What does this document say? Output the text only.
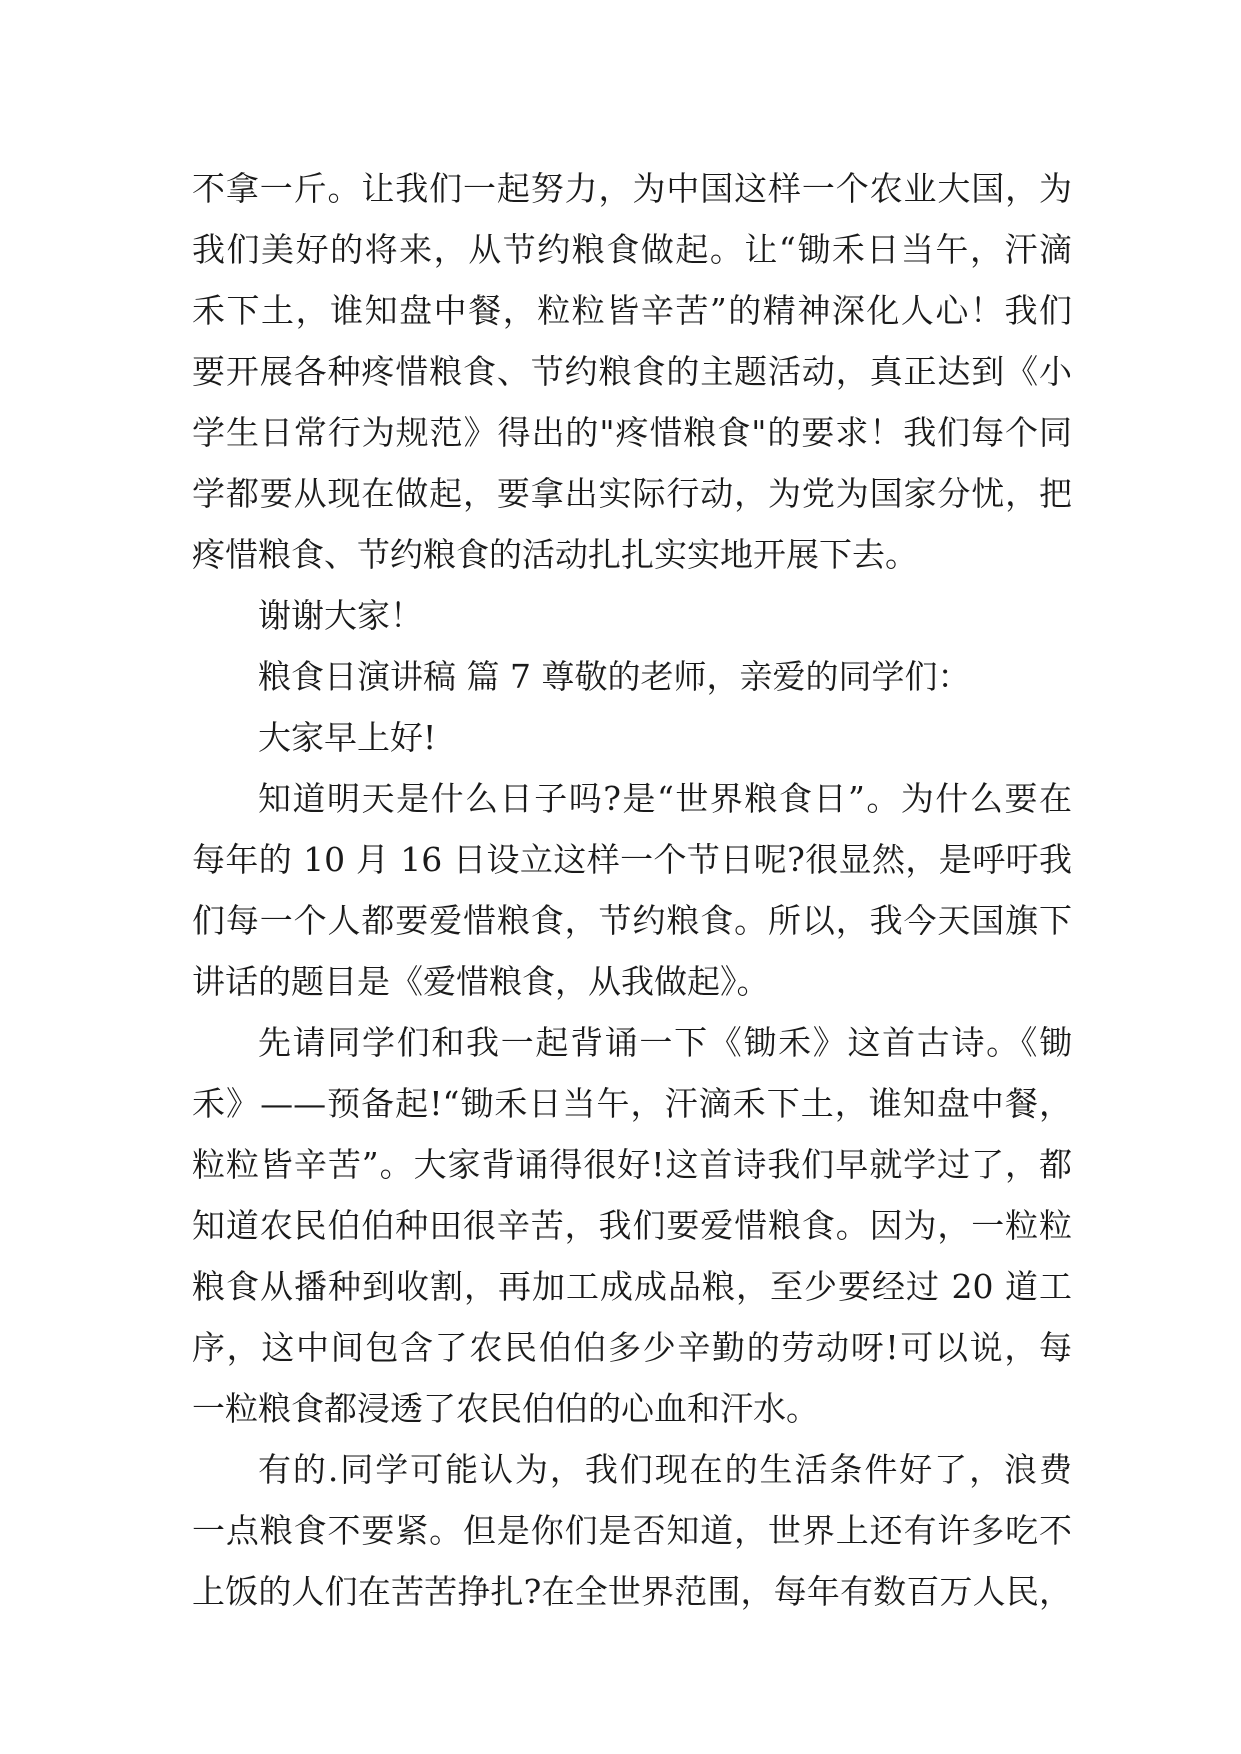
不拿一斤。让我们一起努力，为中国这样一个农业大国，为
我们美好的将来，从节约粮食做起。让“锄禾日当午，汗滴
禾下土，谁知盘中餐，粒粒皆辛苦”的精神深化人心！我们
要开展各种疼惜粮食、节约粮食的主题活动，真正达到《小
学生日常行为规范》得出的"疼惜粮食"的要求！我们每个同
学都要从现在做起，要拿出实际行动，为党为国家分忧，把
疼惜粮食、节约粮食的活动扎扎实实地开展下去。
谢谢大家！
粮食日演讲稿 篇 7 尊敬的老师，亲爱的同学们：
大家早上好!
知道明天是什么日子吗?是“世界粮食日”。为什么要在
每年的 10 月 16 日设立这样一个节日呢?很显然，是呼吁我
们每一个人都要爱惜粮食，节约粮食。所以，我今天国旗下
讲话的题目是《爱惜粮食，从我做起》。
先请同学们和我一起背诵一下《锄禾》这首古诗。《锄
禾》——预备起!“锄禾日当午，汗滴禾下土，谁知盘中餐，
粒粒皆辛苦”。大家背诵得很好!这首诗我们早就学过了，都
知道农民伯伯种田很辛苦，我们要爱惜粮食。因为，一粒粒
粮食从播种到收割，再加工成成品粮，至少要经过 20 道工
序，这中间包含了农民伯伯多少辛勤的劳动呀!可以说，每
一粒粮食都浸透了农民伯伯的心血和汗水。
有的.同学可能认为，我们现在的生活条件好了，浪费
一点粮食不要紧。但是你们是否知道，世界上还有许多吃不
上饭的人们在苦苦挣扎?在全世界范围，每年有数百万人民，
